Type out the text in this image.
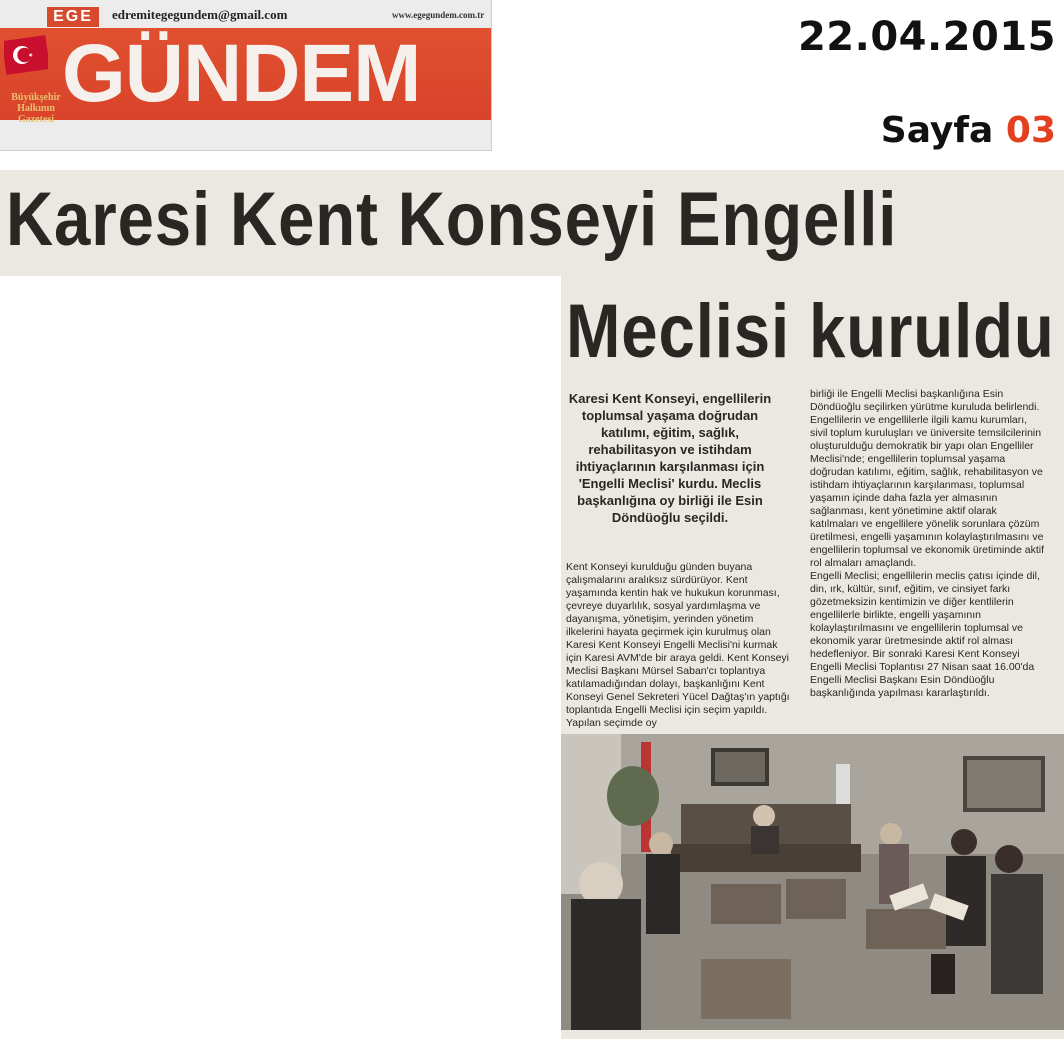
EGE	edremitegegundem@gmail.com	www.egegundem.com.tr
GÜNDEM
Büyükşehir
Halkının
Gazetesi
22.04.2015
Sayfa 03
Karesi Kent Konseyi Engelli
Meclisi kuruldu
Karesi Kent Konseyi, engellilerin toplumsal yaşama doğrudan katılımı, eğitim, sağlık, rehabilitasyon ve istihdam ihtiyaçlarının karşılanması için 'Engelli Meclisi' kurdu. Meclis başkanlığına oy birliği ile Esin Döndüoğlu seçildi.
Kent Konseyi kurulduğu günden buyana çalışmalarını aralıksız sürdürüyor. Kent yaşamında kentin hak ve hukukun korunması, çevreye duyarlılık, sosyal yardımlaşma ve dayanışma, yönetişim, yerinden yönetim ilkelerini hayata geçirmek için kurulmuş olan Karesi Kent Konseyi Engelli Meclisi'ni kurmak için Karesi AVM'de bir araya geldi. Kent Konseyi Meclisi Başkanı Mürsel Saban'cı toplantıya katılamadığından dolayı, başkanlığını Kent Konseyi Genel Sekreteri Yücel Dağtaş'ın yaptığı toplantıda Engelli Meclisi için seçim yapıldı. Yapılan seçimde oy
birliği ile Engelli Meclisi başkanlığına Esin Döndüoğlu seçilirken yürütme kuruluda belirlendi.
Engellilerin ve engellilerle ilgili kamu kurumları, sivil toplum kuruluşları ve üniversite temsilcilerinin oluşturulduğu demokratik bir yapı olan Engelliler Meclisi'nde; engellilerin toplumsal yaşama doğrudan katılımı, eğitim, sağlık, rehabilitasyon ve istihdam ihtiyaçlarının karşılanması, toplumsal yaşamın içinde daha fazla yer almasının sağlanması, kent yönetimine aktif olarak katılmaları ve engellilere yönelik sorunlara çözüm üretilmesi, engelli yaşamının kolaylaştırılmasını ve engellilerin toplumsal ve ekonomik üretiminde aktif rol almaları amaçlandı.
Engelli Meclisi; engellilerin meclis çatısı içinde dil, din, ırk, kültür, sınıf, eğitim, ve cinsiyet farkı gözetmeksizin kentimizin ve diğer kentlilerin engellilerle birlikte, engelli yaşamının kolaylaştırılmasını ve engellilerin toplumsal ve ekonomik yarar üretmesinde aktif rol alması hedefleniyor. Bir sonraki Karesi Kent Konseyi Engelli Meclisi Toplantısı 27 Nisan saat 16.00'da Engelli Meclisi Başkanı Esin Döndüoğlu başkanlığında yapılması kararlaştırıldı.
